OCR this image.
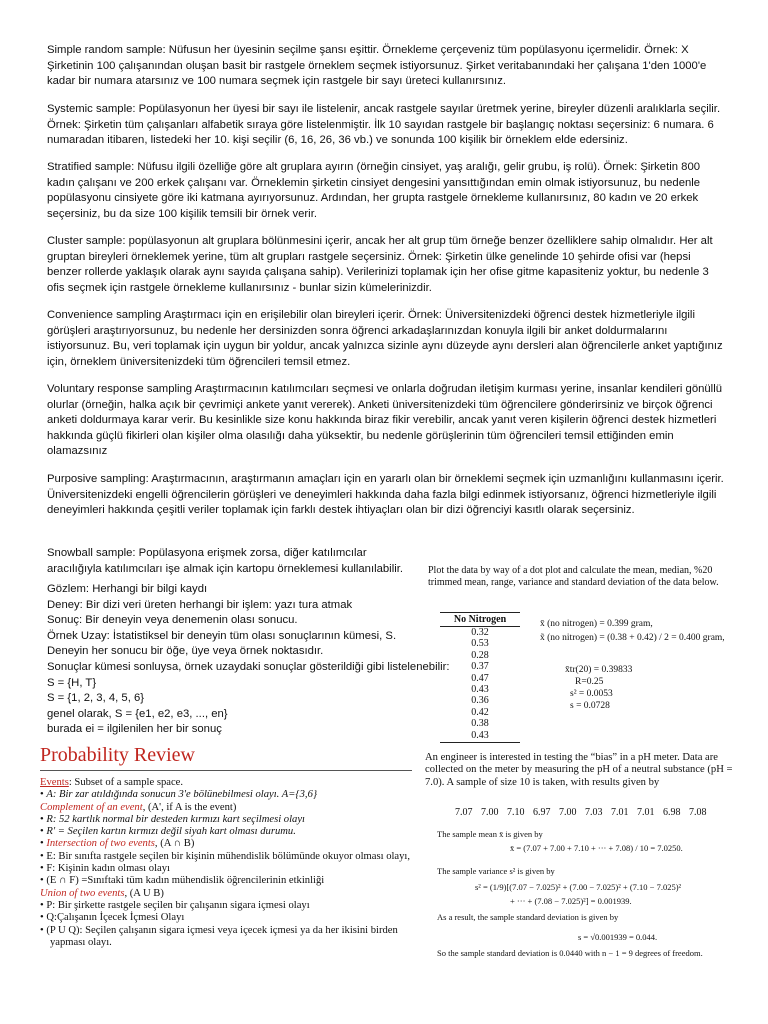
Simple random sample: Nüfusun her üyesinin seçilme şansı eşittir. Örnekleme çerçeveniz tüm popülasyonu içermelidir. Örnek: X Şirketinin 100 çalışanından oluşan basit bir rastgele örneklem seçmek istiyorsunuz. Şirket veritabanındaki her çalışana 1'den 1000'e kadar bir numara atarsınız ve 100 numara seçmek için rastgele bir sayı üreteci kullanırsınız.

Systemic sample: Popülasyonun her üyesi bir sayı ile listelenir, ancak rastgele sayılar üretmek yerine, bireyler düzenli aralıklarla seçilir. Örnek: Şirketin tüm çalışanları alfabetik sıraya göre listelenmiştir. İlk 10 sayıdan rastgele bir başlangıç noktası seçersiniz: 6 numara. 6 numaradan itibaren, listedeki her 10. kişi seçilir (6, 16, 26, 36 vb.) ve sonunda 100 kişilik bir örneklem elde edersiniz.

Stratified sample: Nüfusu ilgili özelliğe göre alt gruplara ayırın (örneğin cinsiyet, yaş aralığı, gelir grubu, iş rolü). Örnek: Şirketin 800 kadın çalışanı ve 200 erkek çalışanı var. Örneklemin şirketin cinsiyet dengesini yansıttığından emin olmak istiyorsunuz, bu nedenle popülasyonu cinsiyete göre iki katmana ayırıyorsunuz. Ardından, her grupta rastgele örnekleme kullanırsınız, 80 kadın ve 20 erkek seçersiniz, bu da size 100 kişilik temsili bir örnek verir.

Cluster sample: popülasyonun alt gruplara bölünmesini içerir, ancak her alt grup tüm örneğe benzer özelliklere sahip olmalıdır. Her alt gruptan bireyleri örneklemek yerine, tüm alt grupları rastgele seçersiniz. Örnek: Şirketin ülke genelinde 10 şehirde ofisi var (hepsi benzer rollerde yaklaşık olarak aynı sayıda çalışana sahip). Verilerinizi toplamak için her ofise gitme kapasiteniz yoktur, bu nedenle 3 ofis seçmek için rastgele örnekleme kullanırsınız - bunlar sizin kümelerinizdir.

Convenience sampling Araştırmacı için en erişilebilir olan bireyleri içerir. Örnek: Üniversitenizdeki öğrenci destek hizmetleriyle ilgili görüşleri araştırıyorsunuz, bu nedenle her dersinizden sonra öğrenci arkadaşlarınızdan konuyla ilgili bir anket doldurmalarını istiyorsunuz. Bu, veri toplamak için uygun bir yoldur, ancak yalnızca sizinle aynı düzeyde aynı dersleri alan öğrencilerle anket yaptığınız için, örneklem üniversitenizdeki tüm öğrencileri temsil etmez.

Voluntary response sampling Araştırmacının katılımcıları seçmesi ve onlarla doğrudan iletişim kurması yerine, insanlar kendileri gönüllü olurlar (örneğin, halka açık bir çevrimiçi ankete yanıt vererek). Anketi üniversitenizdeki tüm öğrencilere gönderirsiniz ve birçok öğrenci anketi doldurmaya karar verir. Bu kesinlikle size konu hakkında biraz fikir verebilir, ancak yanıt veren kişilerin öğrenci destek hizmetleri hakkında güçlü fikirleri olan kişiler olma olasılığı daha yüksektir, bu nedenle görüşlerinin tüm öğrencileri temsil ettiğinden emin olamazsınız

Purposive sampling: Araştırmacının, araştırmanın amaçları için en yararlı olan bir örneklemi seçmek için uzmanlığını kullanmasını içerir. Üniversitenizdeki engelli öğrencilerin görüşleri ve deneyimleri hakkında daha fazla bilgi edinmek istiyorsanız, öğrenci hizmetleriyle ilgili deneyimleri hakkında çeşitli veriler toplamak için farklı destek ihtiyaçları olan bir dizi öğrenciyi kasıtlı olarak seçersiniz.

Snowball sample: Popülasyona erişmek zorsa, diğer katılımcılar aracılığıyla katılımcıları işe almak için kartopu örneklemesi kullanılabilir.

Gözlem: Herhangi bir bilgi kaydı
Deney: Bir dizi veri üreten herhangi bir işlem: yazı tura atmak
Sonuç: Bir deneyin veya denemenin olası sonucu.
Örnek Uzay: İstatistiksel bir deneyin tüm olası sonuçlarının kümesi, S.
Deneyin her sonucu bir öğe, üye veya örnek noktasıdır.
Sonuçlar kümesi sonluysa, örnek uzaydaki sonuçlar gösterildiği gibi listelenebilir:
S = {H, T}
S = {1, 2, 3, 4, 5, 6}
genel olarak, S = {e1, e2, e3, ..., en}
burada ei = ilgilenilen her bir sonuç
Plot the data by way of a dot plot and calculate the mean, median, %20 trimmed mean, range, variance and standard deviation of the data below.
No Nitrogen
0.32
0.53
0.28
0.37
0.47
0.43
0.36
0.42
0.38
0.43
x̄ (no nitrogen) = 0.399 gram,
x̃ (no nitrogen) = (0.38 + 0.42) / 2 = 0.400 gram,
x̄tr(20) = 0.39833
R=0.25
s² = 0.0053
s = 0.0728
Probability Review
Events: Subset of a sample space.
• A: Bir zar atıldığında sonucun 3'e bölünebilmesi olayı. A={3,6}
Complement of an event, (A', if A is the event)
• R: 52 kartlık normal bir desteden kırmızı kart seçilmesi olayı
• R' = Seçilen kartın kırmızı değil siyah kart olması durumu.
• Intersection of two events, (A ∩ B)
• E: Bir sınıfta rastgele seçilen bir kişinin mühendislik bölümünde okuyor olması olayı,
• F: Kişinin kadın olması olayı
• (E ∩ F) =Sınıftaki tüm kadın mühendislik öğrencilerinin etkinliği
Union of two events, (A U B)
• P: Bir şirkette rastgele seçilen bir çalışanın sigara içmesi olayı
• Q:Çalışanın İçecek İçmesi Olayı
• (P U Q): Seçilen çalışanın sigara içmesi veya içecek içmesi ya da her ikisini birden yapması olayı.
An engineer is interested in testing the “bias” in a pH meter. Data are collected on the meter by measuring the pH of a neutral substance (pH = 7.0). A sample of size 10 is taken, with results given by
7.07 7.00 7.10 6.97 7.00 7.03 7.01 7.01 6.98 7.08
The sample mean x̄ is given by
x̄ = (7.07 + 7.00 + 7.10 + ··· + 7.08) / 10 = 7.0250.
The sample variance s² is given by
s² = (1/9)[(7.07 − 7.025)² + (7.00 − 7.025)² + (7.10 − 7.025)²
+ ··· + (7.08 − 7.025)²] = 0.001939.
As a result, the sample standard deviation is given by
s = √0.001939 = 0.044.
So the sample standard deviation is 0.0440 with n − 1 = 9 degrees of freedom.
